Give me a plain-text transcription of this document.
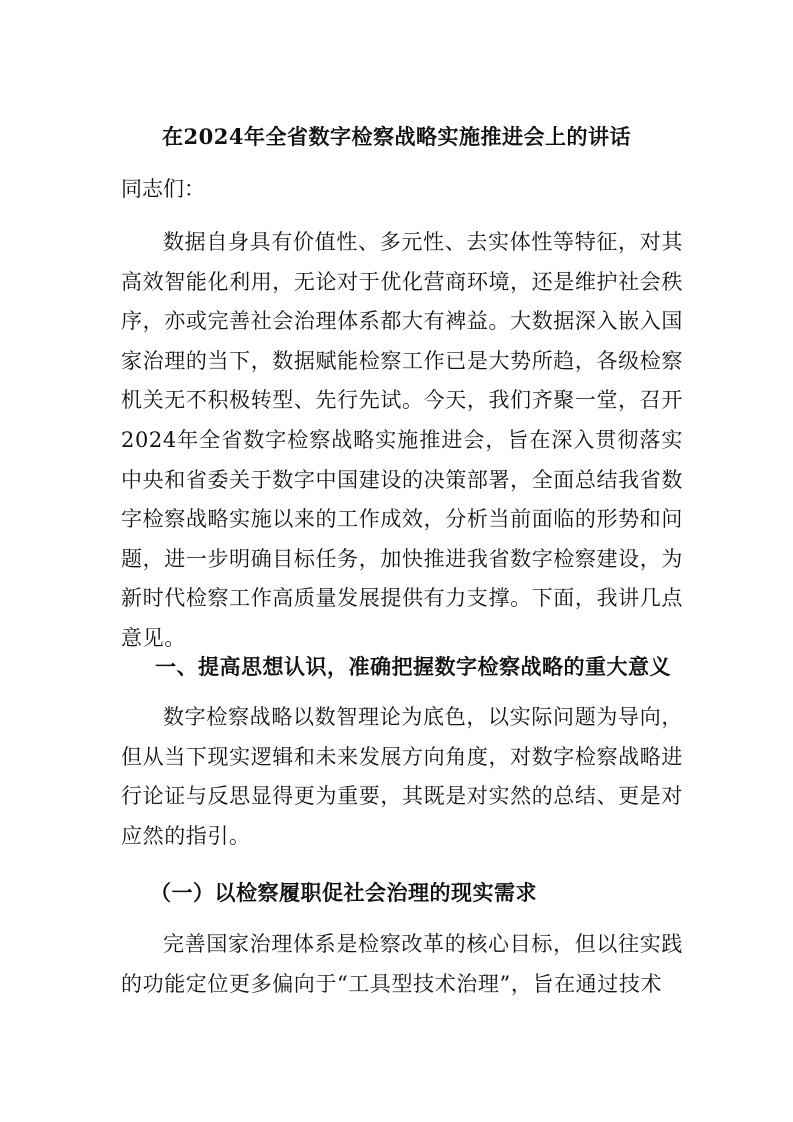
在2024年全省数字检察战略实施推进会上的讲话
同志们：
数据自身具有价值性、多元性、去实体性等特征，对其高效智能化利用，无论对于优化营商环境，还是维护社会秩序，亦或完善社会治理体系都大有裨益。大数据深入嵌入国家治理的当下，数据赋能检察工作已是大势所趋，各级检察机关无不积极转型、先行先试。今天，我们齐聚一堂，召开2024年全省数字检察战略实施推进会，旨在深入贯彻落实中央和省委关于数字中国建设的决策部署，全面总结我省数字检察战略实施以来的工作成效，分析当前面临的形势和问题，进一步明确目标任务，加快推进我省数字检察建设，为新时代检察工作高质量发展提供有力支撑。下面，我讲几点意见。
一、提高思想认识，准确把握数字检察战略的重大意义
数字检察战略以数智理论为底色，以实际问题为导向，但从当下现实逻辑和未来发展方向角度，对数字检察战略进行论证与反思显得更为重要，其既是对实然的总结、更是对应然的指引。
（一）以检察履职促社会治理的现实需求
完善国家治理体系是检察改革的核心目标，但以往实践的功能定位更多偏向于“工具型技术治理”，旨在通过技术
